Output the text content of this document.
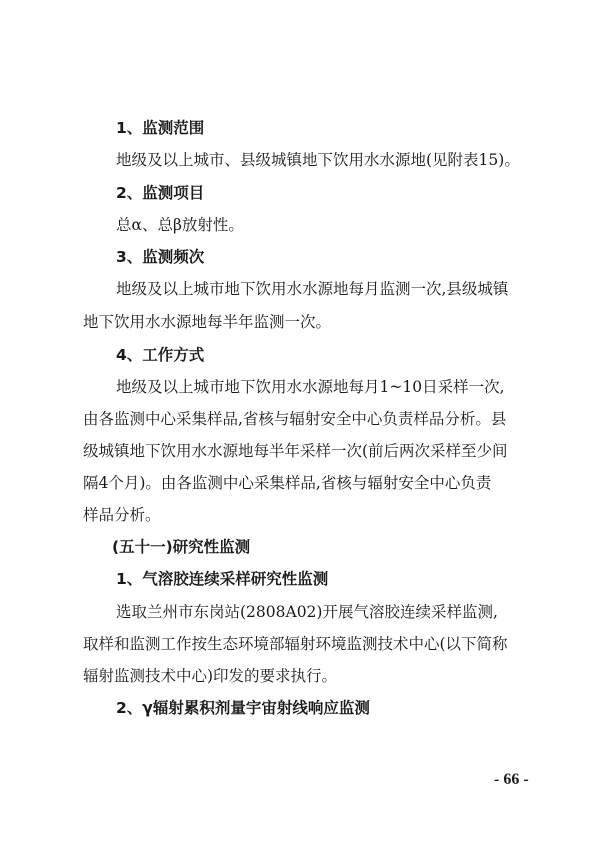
1、监测范围
地级及以上城市、县级城镇地下饮用水水源地(见附表15)。
2、监测项目
总α、总β放射性。
3、监测频次
地级及以上城市地下饮用水水源地每月监测一次,县级城镇
地下饮用水水源地每半年监测一次。
4、工作方式
地级及以上城市地下饮用水水源地每月1~10日采样一次,
由各监测中心采集样品,省核与辐射安全中心负责样品分析。县
级城镇地下饮用水水源地每半年采样一次(前后两次采样至少间
隔4个月)。由各监测中心采集样品,省核与辐射安全中心负责
样品分析。
(五十一)研究性监测
1、气溶胶连续采样研究性监测
选取兰州市东岗站(2808A02)开展气溶胶连续采样监测,
取样和监测工作按生态环境部辐射环境监测技术中心(以下简称
辐射监测技术中心)印发的要求执行。
2、γ辐射累积剂量宇宙射线响应监测
- 66 -
